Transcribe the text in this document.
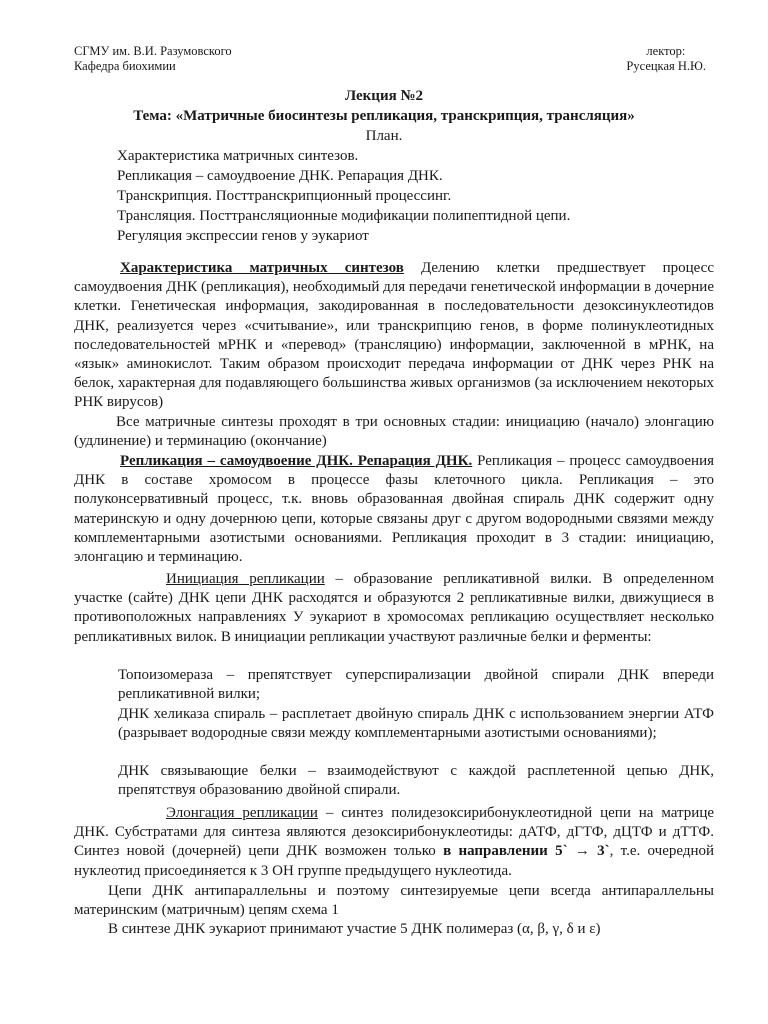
СГМУ им. В.И. Разумовского
Кафедра биохимии
лектор:
Русецкая Н.Ю.
Лекция №2
Тема: «Матричные биосинтезы репликация, транскрипция, трансляция»
План.
Характеристика матричных синтезов.
Репликация – самоудвоение ДНК. Репарация ДНК.
Транскрипция. Посттранскрипционный процессинг.
Трансляция. Посттрансляционные модификации полипептидной цепи.
Регуляция экспрессии генов у эукариот
Характеристика матричных синтезов Делению клетки предшествует процесс самоудвоения ДНК (репликация), необходимый для передачи генетической информации в дочерние клетки. Генетическая информация, закодированная в последовательности дезоксинуклеотидов ДНК, реализуется через «считывание», или транскрипцию генов, в форме полинуклеотидных последовательностей мРНК и «перевод» (трансляцию) информации, заключенной в мРНК, на «язык» аминокислот. Таким образом происходит передача информации от ДНК через РНК на белок, характерная для подавляющего большинства живых организмов (за исключением некоторых РНК вирусов)
Все матричные синтезы проходят в три основных стадии: инициацию (начало) элонгацию (удлинение) и терминацию (окончание)
Репликация – самоудвоение ДНК. Репарация ДНК. Репликация – процесс самоудвоения ДНК в составе хромосом в процессе фазы клеточного цикла. Репликация – это полуконсервативный процесс, т.к. вновь образованная двойная спираль ДНК содержит одну материнскую и одну дочернюю цепи, которые связаны друг с другом водородными связями между комплементарными азотистыми основаниями. Репликация проходит в 3 стадии: инициацию, элонгацию и терминацию.
Инициация репликации – образование репликативной вилки. В определенном участке (сайте) ДНК цепи ДНК расходятся и образуются 2 репликативные вилки, движущиеся в противоположных направлениях У эукариот в хромосомах репликацию осуществляет несколько репликативных вилок. В инициации репликации участвуют различные белки и ферменты:
Топоизомераза – препятствует суперспирализации двойной спирали ДНК впереди репликативной вилки;
ДНК хеликаза спираль – расплетает двойную спираль ДНК с использованием энергии АТФ (разрывает водородные связи между комплементарными азотистыми основаниями);
ДНК связывающие белки – взаимодействуют с каждой расплетенной цепью ДНК, препятствуя образованию двойной спирали.
Элонгация репликации – синтез полидезоксирибонуклеотидной цепи на матрице ДНК. Субстратами для синтеза являются дезоксирибонуклеотиды: дАТФ, дГТФ, дЦТФ и дТТФ. Синтез новой (дочерней) цепи ДНК возможен только в направлении 5` → 3`, т.е. очередной нуклеотид присоединяется к 3 ОН группе предыдущего нуклеотида.
Цепи ДНК антипараллельны и поэтому синтезируемые цепи всегда антипараллельны материнским (матричным) цепям схема 1
В синтезе ДНК эукариот принимают участие 5 ДНК полимераз (α, β, γ, δ и ε)
